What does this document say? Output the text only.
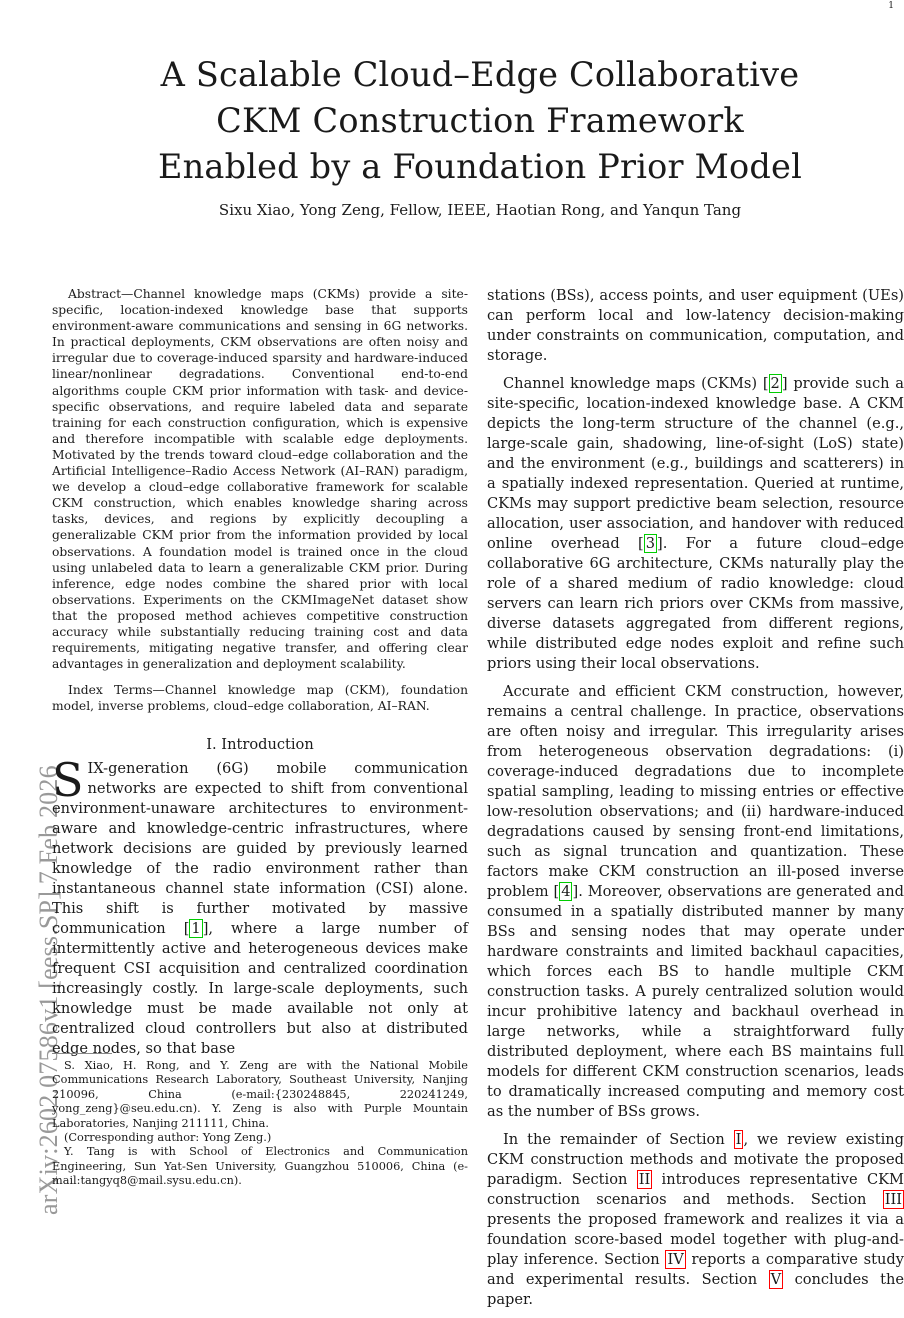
1
arXiv:2602.07586v1 [eess.SP] 7 Feb 2026
A Scalable Cloud–Edge Collaborative
CKM Construction Framework
Enabled by a Foundation Prior Model
Sixu Xiao, Yong Zeng, Fellow, IEEE, Haotian Rong, and Yanqun Tang

Abstract—Channel knowledge maps (CKMs) provide a site-specific, location-indexed knowledge base that supports environment-aware communications and sensing in 6G networks. In practical deployments, CKM observations are often noisy and irregular due to coverage-induced sparsity and hardware-induced linear/nonlinear degradations. Conventional end-to-end algorithms couple CKM prior information with task- and device-specific observations, and require labeled data and separate training for each construction configuration, which is expensive and therefore incompatible with scalable edge deployments. Motivated by the trends toward cloud–edge collaboration and the Artificial Intelligence–Radio Access Network (AI–RAN) paradigm, we develop a cloud–edge collaborative framework for scalable CKM construction, which enables knowledge sharing across tasks, devices, and regions by explicitly decoupling a generalizable CKM prior from the information provided by local observations. A foundation model is trained once in the cloud using unlabeled data to learn a generalizable CKM prior. During inference, edge nodes combine the shared prior with local observations. Experiments on the CKMImageNet dataset show that the proposed method achieves competitive construction accuracy while substantially reducing training cost and data requirements, mitigating negative transfer, and offering clear advantages in generalization and deployment scalability.

Index Terms—Channel knowledge map (CKM), foundation model, inverse problems, cloud–edge collaboration, AI–RAN.

I. Introduction

SIX-generation (6G) mobile communication networks are expected to shift from conventional environment-unaware architectures to environment-aware and knowledge-centric infrastructures, where network decisions are guided by previously learned knowledge of the radio environment rather than instantaneous channel state information (CSI) alone. This shift is further motivated by massive communication [ 1 ], where a large number of intermittently active and heterogeneous devices make frequent CSI acquisition and centralized coordination increasingly costly. In large-scale deployments, such knowledge must be made available not only at centralized cloud controllers but also at distributed edge nodes, so that base

stations (BSs), access points, and user equipment (UEs) can perform local and low-latency decision-making under constraints on communication, computation, and storage.

Channel knowledge maps (CKMs) [ 2 ] provide such a site-specific, location-indexed knowledge base. A CKM depicts the long-term structure of the channel (e.g., large-scale gain, shadowing, line-of-sight (LoS) state) and the environment (e.g., buildings and scatterers) in a spatially indexed representation. Queried at runtime, CKMs may support predictive beam selection, resource allocation, user association, and handover with reduced online overhead [ 3 ]. For a future cloud–edge collaborative 6G architecture, CKMs naturally play the role of a shared medium of radio knowledge: cloud servers can learn rich priors over CKMs from massive, diverse datasets aggregated from different regions, while distributed edge nodes exploit and refine such priors using their local observations.

Accurate and efficient CKM construction, however, remains a central challenge. In practice, observations are often noisy and irregular. This irregularity arises from heterogeneous observation degradations: (i) coverage-induced degradations due to incomplete spatial sampling, leading to missing entries or effective low-resolution observations; and (ii) hardware-induced degradations caused by sensing front-end limitations, such as signal truncation and quantization. These factors make CKM construction an ill-posed inverse problem [ 4 ]. Moreover, observations are generated and consumed in a spatially distributed manner by many BSs and sensing nodes that may operate under hardware constraints and limited backhaul capacities, which forces each BS to handle multiple CKM construction tasks. A purely centralized solution would incur prohibitive latency and backhaul overhead in large networks, while a straightforward fully distributed deployment, where each BS maintains full models for different CKM construction scenarios, leads to dramatically increased computing and memory cost as the number of BSs grows.

In the remainder of Section I , we review existing CKM construction methods and motivate the proposed paradigm. Section II introduces representative CKM construction scenarios and methods. Section III presents the proposed framework and realizes it via a foundation score-based model together with plug-and-play inference. Section IV reports a comparative study and experimental results. Section V concludes the paper.

S. Xiao, H. Rong, and Y. Zeng are with the National Mobile Communications Research Laboratory, Southeast University, Nanjing 210096, China (e-mail:{230248845, 220241249, yong_zeng}@seu.edu.cn). Y. Zeng is also with Purple Mountain Laboratories, Nanjing 211111, China.

(Corresponding author: Yong Zeng.)

Y. Tang is with School of Electronics and Communication Engineering, Sun Yat-Sen University, Guangzhou 510006, China (e-mail:tangyq8@mail.sysu.edu.cn).
